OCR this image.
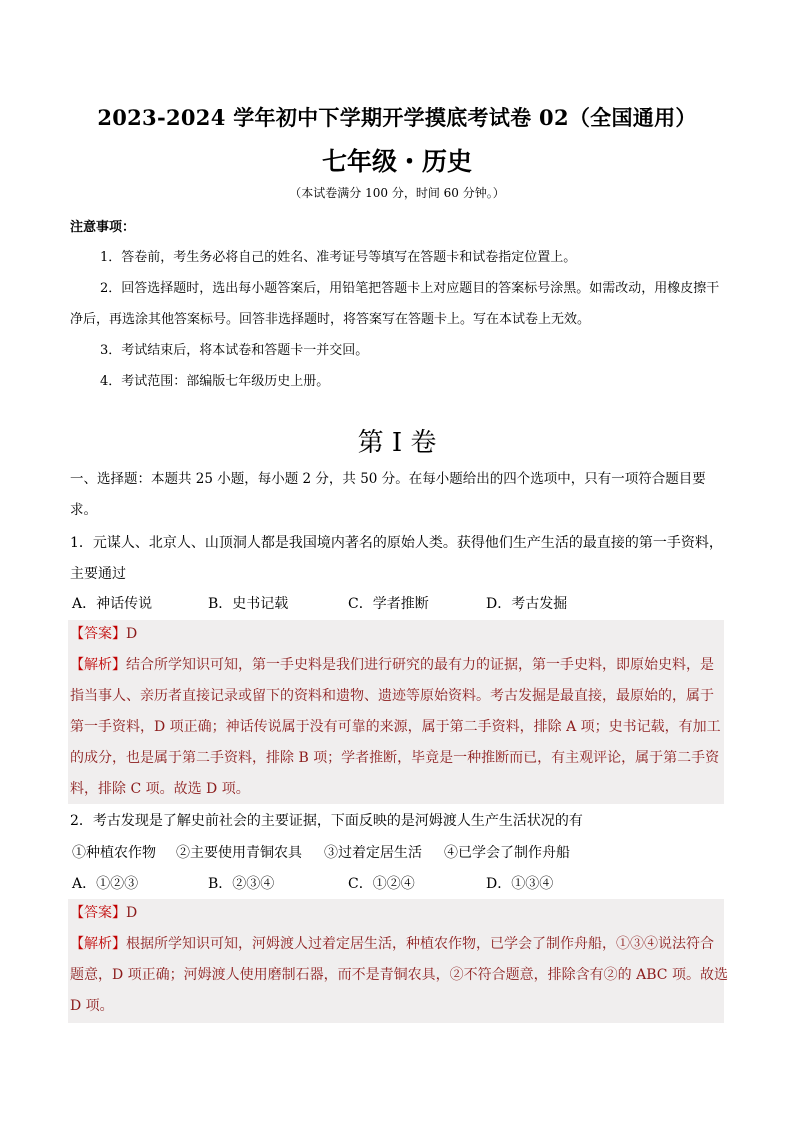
2023-2024 学年初中下学期开学摸底考试卷 02（全国通用）
七年级・历史
（本试卷满分 100 分，时间 60 分钟。）
注意事项：
1．答卷前，考生务必将自己的姓名、准考证号等填写在答题卡和试卷指定位置上。
2．回答选择题时，选出每小题答案后，用铅笔把答题卡上对应题目的答案标号涂黑。如需改动，用橡皮擦干净后，再选涂其他答案标号。回答非选择题时，将答案写在答题卡上。写在本试卷上无效。
3．考试结束后，将本试卷和答题卡一并交回。
4．考试范围：部编版七年级历史上册。
第 I 卷
一、选择题：本题共 25 小题，每小题 2 分，共 50 分。在每小题给出的四个选项中，只有一项符合题目要
求。
1．元谋人、北京人、山顶洞人都是我国境内著名的原始人类。获得他们生产生活的最直接的第一手资料，
主要通过
A．神话传说	B．史书记载	C．学者推断	D．考古发掘
【答案】D
【解析】结合所学知识可知，第一手史料是我们进行研究的最有力的证据，第一手史料，即原始史料，是
指当事人、亲历者直接记录或留下的资料和遗物、遗迹等原始资料。考古发掘是最直接，最原始的，属于
第一手资料，D 项正确；神话传说属于没有可靠的来源，属于第二手资料，排除 A 项；史书记载，有加工
的成分，也是属于第二手资料，排除 B 项；学者推断，毕竟是一种推断而已，有主观评论，属于第二手资
料，排除 C 项。故选 D 项。
2．考古发现是了解史前社会的主要证据，下面反映的是河姆渡人生产生活状况的有
①种植农作物 ②主要使用青铜农具 ③过着定居生活 ④已学会了制作舟船
A．①②③	B．②③④	C．①②④	D．①③④
【答案】D
【解析】根据所学知识可知，河姆渡人过着定居生活，种植农作物，已学会了制作舟船，①③④说法符合
题意，D 项正确；河姆渡人使用磨制石器，而不是青铜农具，②不符合题意，排除含有②的 ABC 项。故选
D 项。
